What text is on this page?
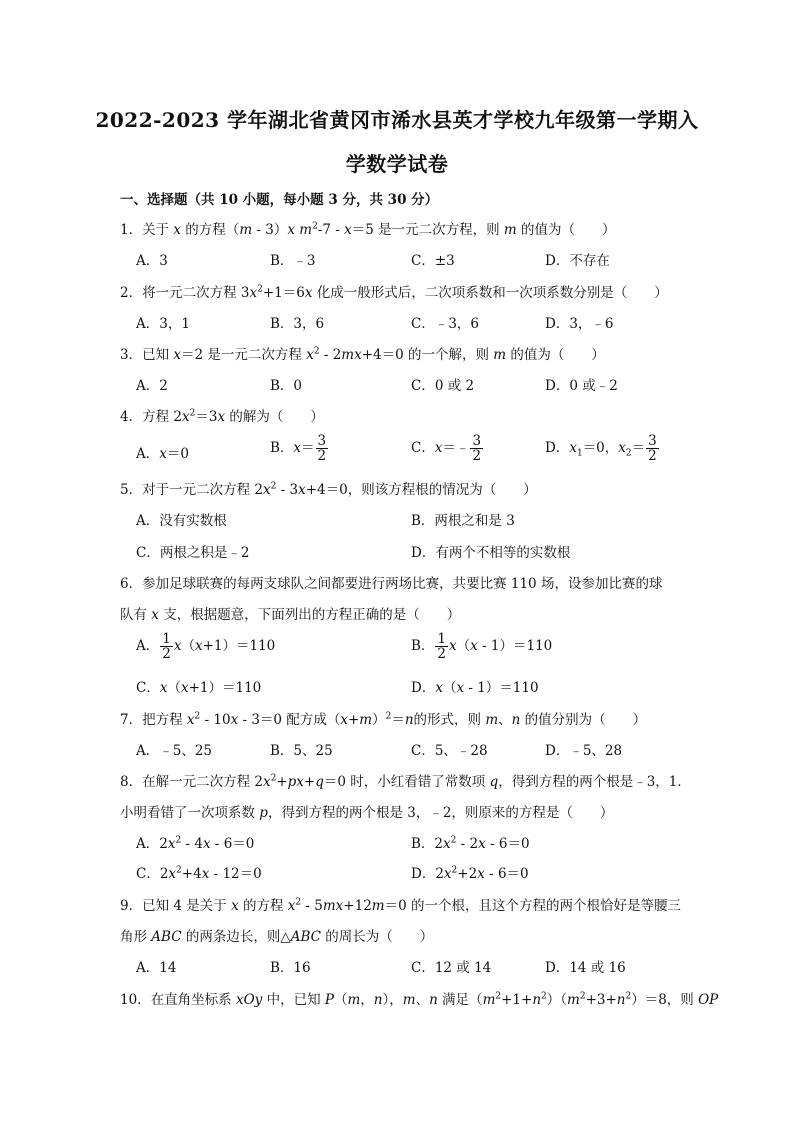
2022-2023 学年湖北省黄冈市浠水县英才学校九年级第一学期入
学数学试卷
一、选择题（共 10 小题，每小题 3 分，共 30 分）
1．关于 x 的方程（m - 3）x $m^2-7 - x=5$ 是一元二次方程，则 m 的值为（　　）
A．3	B．﹣3	C．±3	D．不存在
2．将一元二次方程 $3x^2+1=6x$ 化成一般形式后，二次项系数和一次项系数分别是（　　）
A．3，1	B．3，6	C．﹣3，6	D．3，﹣6
3．已知 x＝2 是一元二次方程 $x^2 - 2mx+4=0$ 的一个解，则 m 的值为（　　）
A．2	B．0	C．0 或 2	D．0 或﹣2
4．方程 $2x^2=3x$ 的解为（　　）
A．x＝0	B．$x= \frac{3}{2}$	C．x＝﹣ $\frac{3}{2}$	D．$x_1=0$，$x_2= \frac{3}{2}$
5．对于一元二次方程 $2x^2 - 3x+4=0$，则该方程根的情况为（　　）
A．没有实数根	B．两根之和是 3
C．两根之积是﹣2	D．有两个不相等的实数根
6．参加足球联赛的每两支球队之间都要进行两场比赛，共要比赛 110 场，设参加比赛的球
队有 x 支，根据题意，下面列出的方程正确的是（　　）
A． $\frac{1}{2} x(x+1)=110$	B． $\frac{1}{2} x(x - 1)=110$
C．x（x+1）＝110	D．x（x - 1）＝110
7．把方程 $x^2 - 10x - 3=0$ 配方成$(x+m)^2=n$的形式，则 m、n 的值分别为（　　）
A．﹣5、25	B．5、25	C．5、﹣28	D．﹣5、28
8．在解一元二次方程 $2x^2+px+q=0$ 时，小红看错了常数项 q，得到方程的两个根是﹣3，1．
小明看错了一次项系数 p，得到方程的两个根是 3，﹣2，则原来的方程是（　　）
A．$2x^2 - 4x - 6=0$	B．$2x^2 - 2x - 6=0$
C．$2x^2+4x - 12=0$	D．$2x^2+2x - 6=0$
9．已知 4 是关于 x 的方程 $x^2 - 5mx+12m=0$ 的一个根，且这个方程的两个根恰好是等腰三
角形 ABC 的两条边长，则△ABC 的周长为（　　）
A．14	B．16	C．12 或 14	D．14 或 16
10．在直角坐标系 xOy 中，已知 P（m，n），m、n 满足$(m^2+1+n^2)(m^2+3+n^2)=8$，则 OP
